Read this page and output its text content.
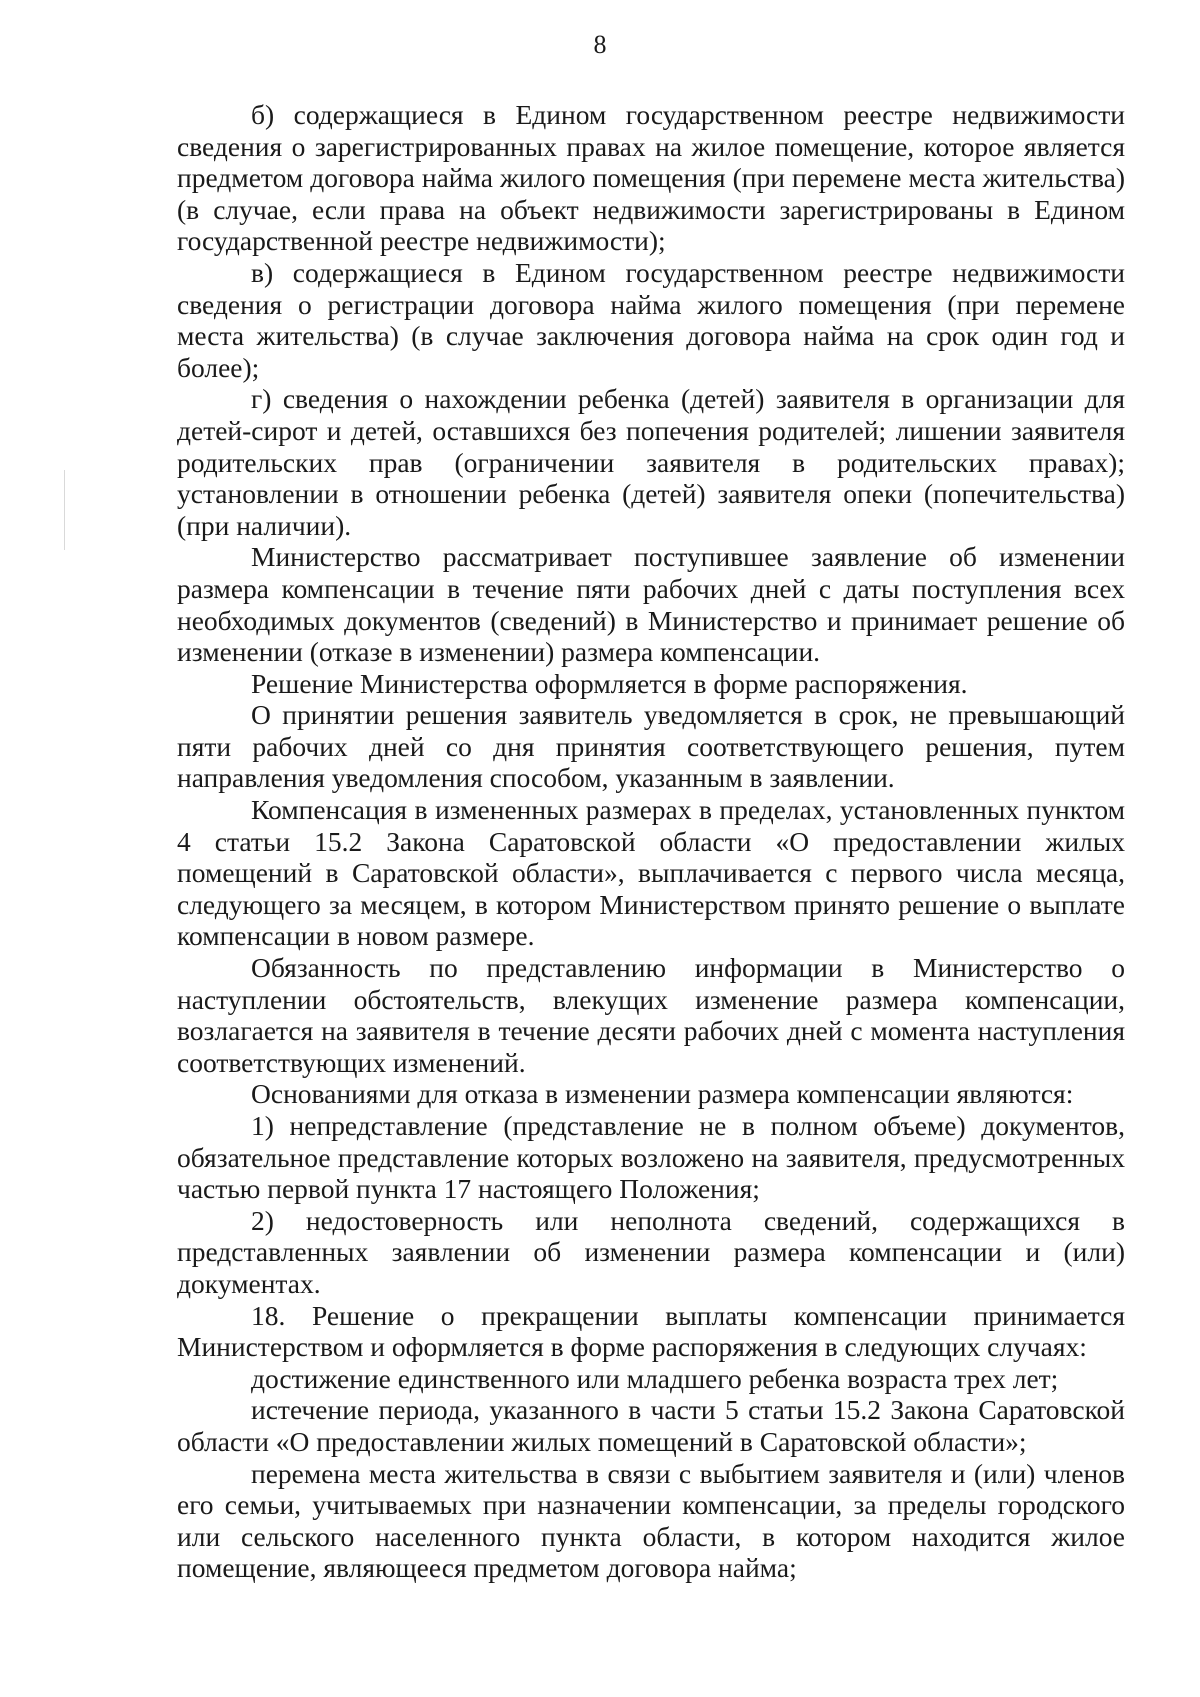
8

б) содержащиеся в Едином государственном реестре недвижимости сведения о зарегистрированных правах на жилое помещение, которое является предметом договора найма жилого помещения (при перемене места жительства) (в случае, если права на объект недвижимости зарегистрированы в Едином государственной реестре недвижимости);

в) содержащиеся в Едином государственном реестре недвижимости сведения о регистрации договора найма жилого помещения (при перемене места жительства) (в случае заключения договора найма на срок один год и более);

г) сведения о нахождении ребенка (детей) заявителя в организации для детей-сирот и детей, оставшихся без попечения родителей; лишении заявителя родительских прав (ограничении заявителя в родительских правах); установлении в отношении ребенка (детей) заявителя опеки (попечительства) (при наличии).

Министерство рассматривает поступившее заявление об изменении размера компенсации в течение пяти рабочих дней с даты поступления всех необходимых документов (сведений) в Министерство и принимает решение об изменении (отказе в изменении) размера компенсации.

Решение Министерства оформляется в форме распоряжения.

О принятии решения заявитель уведомляется в срок, не превышающий пяти рабочих дней со дня принятия соответствующего решения, путем направления уведомления способом, указанным в заявлении.

Компенсация в измененных размерах в пределах, установленных пунктом 4 статьи 15.2 Закона Саратовской области «О предоставлении жилых помещений в Саратовской области», выплачивается с первого числа месяца, следующего за месяцем, в котором Министерством принято решение о выплате компенсации в новом размере.

Обязанность по представлению информации в Министерство о наступлении обстоятельств, влекущих изменение размера компенсации, возлагается на заявителя в течение десяти рабочих дней с момента наступления соответствующих изменений.

Основаниями для отказа в изменении размера компенсации являются:

1) непредставление (представление не в полном объеме) документов, обязательное представление которых возложено на заявителя, предусмотренных частью первой пункта 17 настоящего Положения;

2) недостоверность или неполнота сведений, содержащихся в представленных заявлении об изменении размера компенсации и (или) документах.

18. Решение о прекращении выплаты компенсации принимается Министерством и оформляется в форме распоряжения в следующих случаях:

достижение единственного или младшего ребенка возраста трех лет;

истечение периода, указанного в части 5 статьи 15.2 Закона Саратовской области «О предоставлении жилых помещений в Саратовской области»;

перемена места жительства в связи с выбытием заявителя и (или) членов его семьи, учитываемых при назначении компенсации, за пределы городского или сельского населенного пункта области, в котором находится жилое помещение, являющееся предметом договора найма;
